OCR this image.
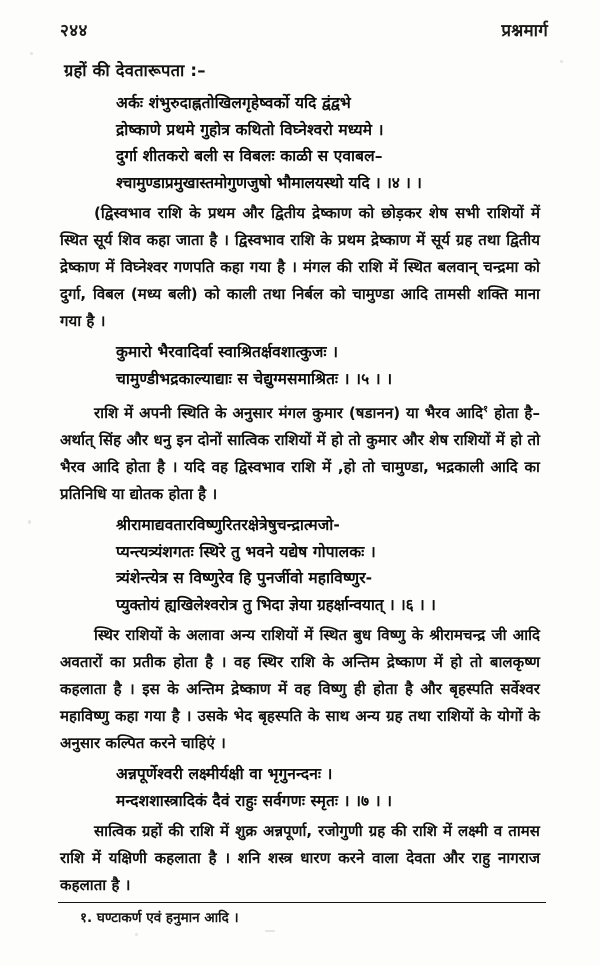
२४४	प्रश्नमार्ग
ग्रहों की देवतारूपता :–
अर्कः शंभुरुदाह्नतोखिलगृहेष्वर्को यदि द्वंद्वभे
द्रोष्काणे प्रथमे गुहोत्र कथितो विघ्नेश्वरो मध्यमे ।
दुर्गा शीतकरो बली स विबलः काळी स एवाबल–
श्चामुण्डाप्रमुखास्तमोगुणजुषो भौमालयस्थो यदि । ।४ । ।

(द्विस्वभाव राशि के प्रथम और द्वितीय द्रेष्काण को छोड़कर शेष सभी राशियों में स्थित सूर्य शिव कहा जाता है । द्विस्वभाव राशि के प्रथम द्रेष्काण में सूर्य ग्रह तथा द्वितीय द्रेष्काण में विघ्नेश्वर गणपति कहा गया है । मंगल की राशि में स्थित बलवान् चन्द्रमा को दुर्गा, विबल (मध्य बली) को काली तथा निर्बल को चामुण्डा आदि तामसी शक्ति माना गया है ।

कुमारो भैरवादिर्वा स्वाश्रितर्क्षवशात्कुजः ।
चामुण्डीभद्रकाल्याद्याः स चेद्युग्मसमाश्रितः । ।५ । ।

राशि में अपनी स्थिति के अनुसार मंगल कुमार (षडानन) या भैरव आदि$^१$ होता है–अर्थात् सिंह और धनु इन दोनों सात्विक राशियों में हो तो कुमार और शेष राशियों में हो तो भैरव आदि होता है । यदि वह द्विस्वभाव राशि में ,हो तो चामुण्डा, भद्रकाली आदि का प्रतिनिधि या द्योतक होता है ।

श्रीरामाद्यवतारविष्णुरितरक्षेत्रेषुचन्द्रात्मजो-
प्यन्त्यत्र्यंशगतः स्थिरे तु भवने यद्येष गोपालकः ।
त्र्यंशेन्त्येत्र स विष्णुरेव हि पुनर्जीवो महाविष्णुर-
प्युक्तोयं ह्यखिलेश्वरोत्र तु भिदा ज्ञेया ग्रहर्क्षान्वयात् । ।६ । ।

स्थिर राशियों के अलावा अन्य राशियों में स्थित बुध विष्णु के श्रीरामचन्द्र जी आदि अवतारों का प्रतीक होता है । वह स्थिर राशि के अन्तिम द्रेष्काण में हो तो बालकृष्ण कहलाता है । इस के अन्तिम द्रेष्काण में वह विष्णु ही होता है और बृहस्पति सर्वेश्वर महाविष्णु कहा गया है । उसके भेद बृहस्पति के साथ अन्य ग्रह तथा राशियों के योगों के अनुसार कल्पित करने चाहिएं ।

अन्नपूर्णेश्वरी लक्ष्मीर्यक्षी वा भृगुनन्दनः ।
मन्दशशास्त्रादिकं दैवं राहुः सर्वगणः स्मृतः । ।७ । ।

सात्विक ग्रहों की राशि में शुक्र अन्नपूर्णा, रजोगुणी ग्रह की राशि में लक्ष्मी व तामस राशि में यक्षिणी कहलाता है । शनि शस्त्र धारण करने वाला देवता और राहु नागराज कहलाता है ।

१. घण्टाकर्ण एवं हनुमान आदि ।
